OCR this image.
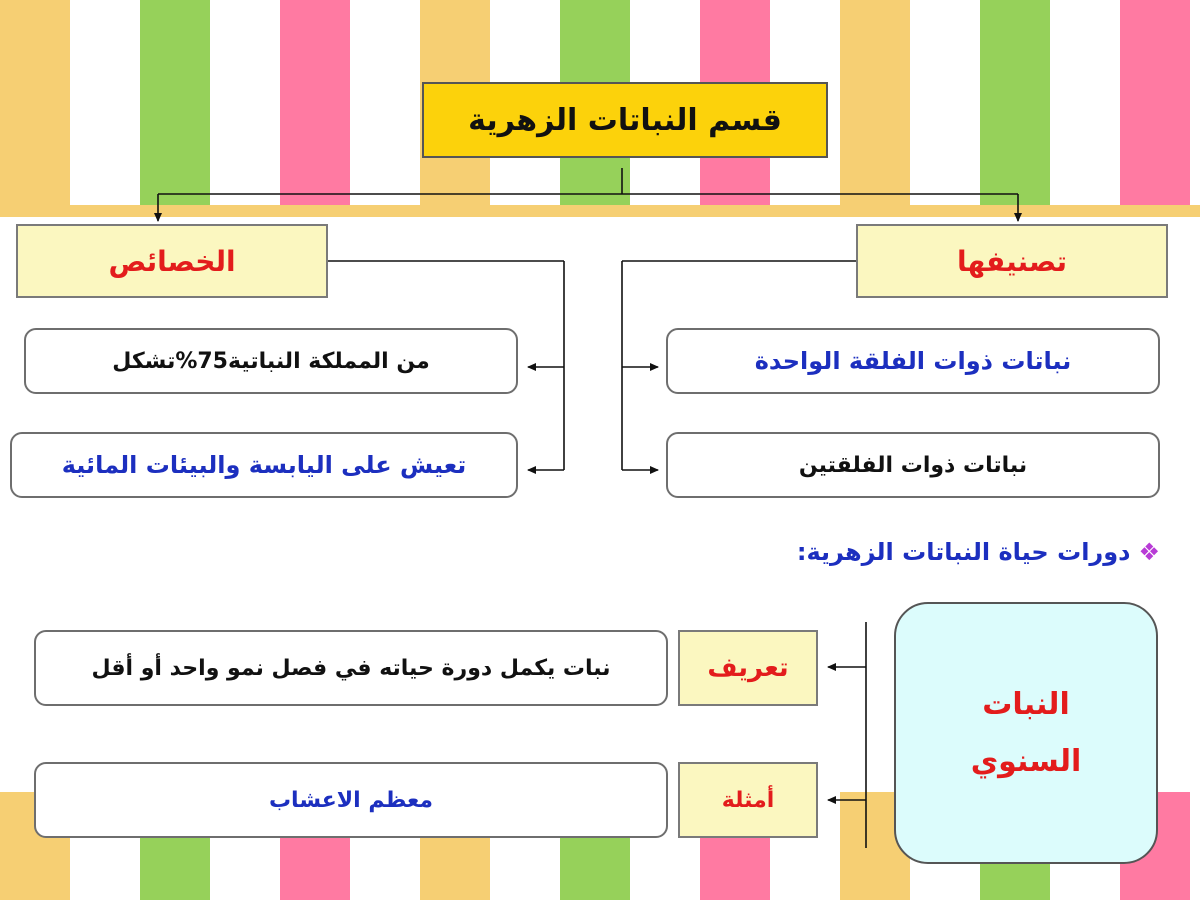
قسم النباتات الزهرية
تصنيفها
الخصائص
نباتات ذوات الفلقة الواحدة
نباتات ذوات الفلقتين
من المملكة النباتية75%تشكل
تعيش على اليابسة والبيئات المائية
❖دورات حياة النباتات الزهرية:
النبات
السنوي
تعريف
نبات يكمل دورة حياته في فصل نمو واحد أو أقل
أمثلة
معظم الاعشاب
